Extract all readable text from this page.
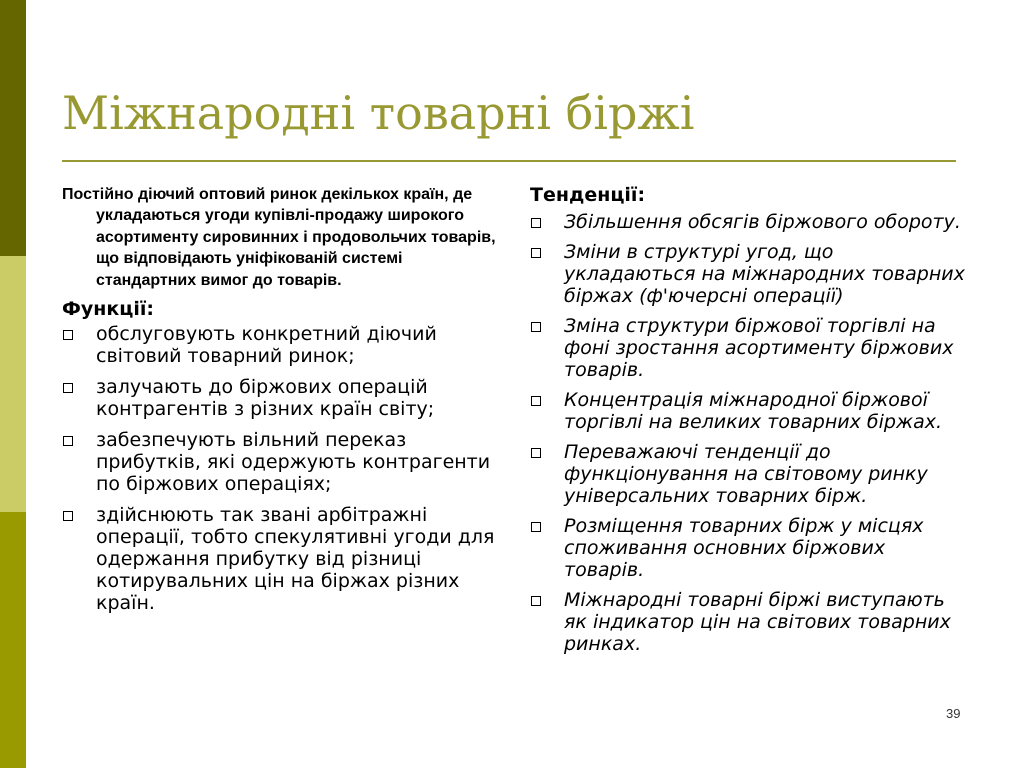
Міжнародні товарні біржі

Постійно діючий оптовий ринок декількох країн, де укладаються угоди купівлі-продажу широкого асортименту сировинних і продовольчих товарів, що відповідають уніфікованій системі стандартних вимог до товарів.

Функції:
обслуговують конкретний діючий світовий товарний ринок;
залучають до біржових операцій контрагентів з різних країн світу;
забезпечують вільний переказ прибутків, які одержують контрагенти по біржових операціях;
здійснюють так звані арбітражні операції, тобто спекулятивні угоди для одержання прибутку від різниці котирувальних цін на біржах різних країн.
Тенденції:
Збільшення обсягів біржового обороту.
Зміни в структурі угод, що укладаються на міжнародних товарних біржах (ф'ючерсні операції)
Зміна структури біржової торгівлі на фоні зростання асортименту біржових товарів.
Концентрація міжнародної біржової торгівлі на великих товарних біржах.
Переважаючі тенденції до функціонування на світовому ринку універсальних товарних бірж.
Розміщення товарних бірж у місцях споживання основних біржових товарів.
Міжнародні товарні біржі виступають як індикатор цін на світових товарних ринках.
39
